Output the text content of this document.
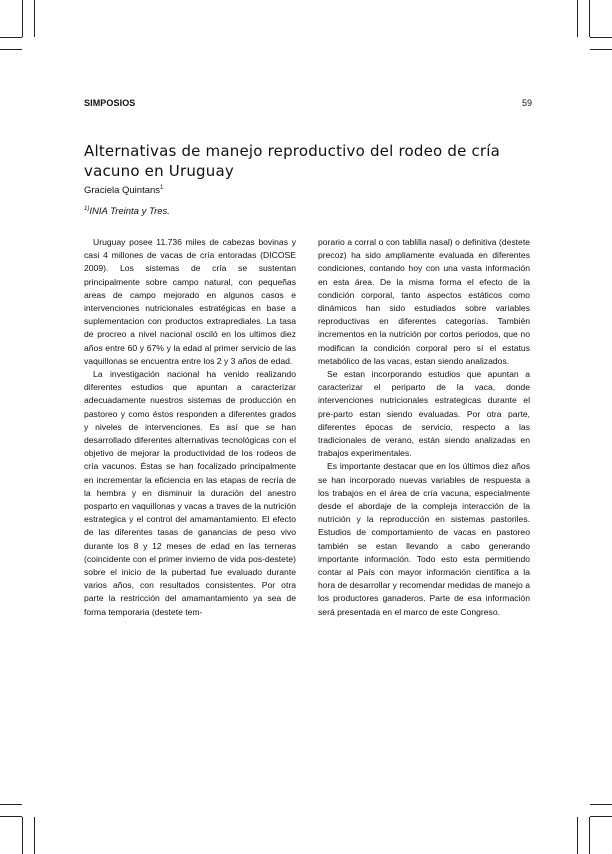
SIMPOSIOS	59
Alternativas de manejo reproductivo del rodeo de cría vacuno en Uruguay
Graciela Quintans$^1$
$^{1)}$INIA Treinta y Tres.

Uruguay posee 11.736 miles de cabezas bovinas y casi 4 millones de vacas de cría entoradas (DICOSE 2009). Los sistemas de cría se sustentan principalmente sobre campo natural, con pequeñas areas de campo mejorado en algunos casos e intervenciones nutricionales estratégicas en base a suplementacion con productos extraprediales. La tasa de procreo a nivel nacional osciló en los ultimos diez años entre 60 y 67% y la edad al primer servicio de las vaquillonas se encuentra entre los 2 y 3 años de edad.

La investigación nacional ha venido realizando diferentes estudios que apuntan a caracterizar adecuadamente nuestros sistemas de producción en pastoreo y como éstos responden a diferentes grados y niveles de intervenciones. Es así que se han desarrollado diferentes alternativas tecnológicas con el objetivo de mejorar la productividad de los rodeos de cría vacunos. Éstas se han focalizado principalmente en incrementar la eficiencia en las etapas de recría de la hembra y en disminuir la duración del anestro posparto en vaquillonas y vacas a traves de la nutrición estrategica y el control del amamantamiento. El efecto de las diferentes tasas de ganancias de peso vivo durante los 8 y 12 meses de edad en las terneras (coincidente con el primer invierno de vida pos-destete) sobre el inicio de la pubertad fue evaluado durante varios años, con resultados consistentes. Por otra parte la restricción del amamantamiento ya sea de forma temporaria (destete tem-

porario a corral o con tablilla nasal) o definitiva (destete precoz) ha sido ampliamente evaluada en diferentes condiciones, contando hoy con una vasta información en esta área. De la misma forma el efecto de la condición corporal, tanto aspectos estáticos como dinámicos han sido estudiados sobre variables reproductivas en diferentes categorías. También incrementos en la nutrición por cortos periodos, que no modifican la condición corporal pero sí el estatus metabólico de las vacas, estan siendo analizados.

Se estan incorporando estudios que apuntan a caracterizar el periparto de la vaca, donde intervenciones nutricionales estrategicas durante el pre-parto estan siendo evaluadas. Por otra parte, diferentes épocas de servicio, respecto a las tradicionales de verano, están siendo analizadas en trabajos experimentales.

Es importante destacar que en los últimos diez años se han incorporado nuevas variables de respuesta a los trabajos en el área de cría vacuna, especialmente desde el abordaje de la compleja interacción de la nutrición y la reproducción en sistemas pastoriles. Estudios de comportamiento de vacas en pastoreo también se estan llevando a cabo generando importante información. Todo esto esta permitiendo contar al País con mayor información científica a la hora de desarrollar y recomendar medidas de manejo a los productores ganaderos. Parte de esa información será presentada en el marco de este Congreso.
